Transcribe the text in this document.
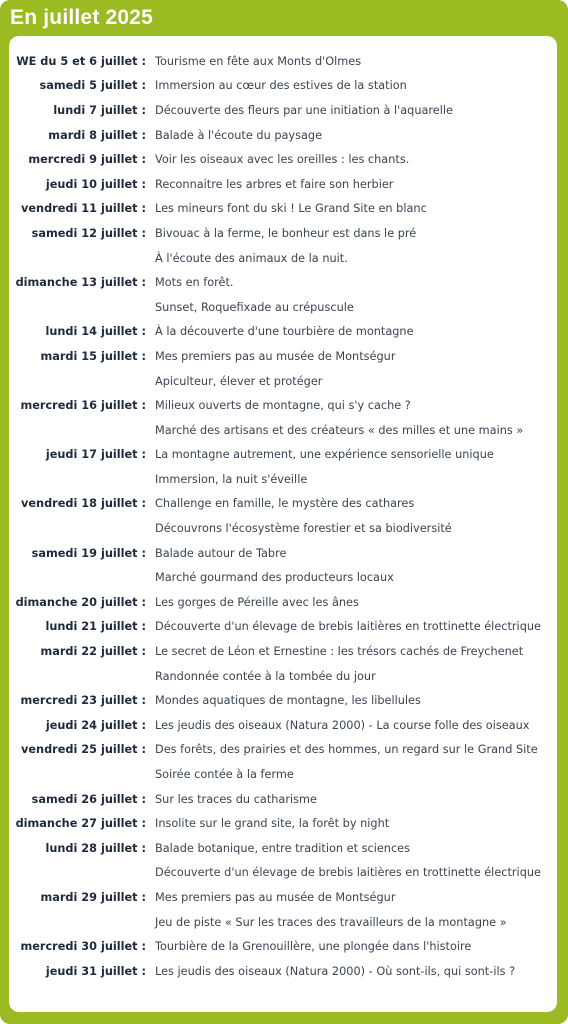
En juillet 2025
WE du 5 et 6 juillet : Tourisme en fête aux Monts d'Olmes
samedi 5 juillet : Immersion au cœur des estives de la station
lundi 7 juillet : Découverte des fleurs par une initiation à l'aquarelle
mardi 8 juillet : Balade à l'écoute du paysage
mercredi 9 juillet : Voir les oiseaux avec les oreilles : les chants.
jeudi 10 juillet : Reconnaitre les arbres et faire son herbier
vendredi 11 juillet : Les mineurs font du ski ! Le Grand Site en blanc
samedi 12 juillet : Bivouac à la ferme, le bonheur est dans le pré
À l'écoute des animaux de la nuit.
dimanche 13 juillet : Mots en forêt.
Sunset, Roquefixade au crépuscule
lundi 14 juillet : À la découverte d'une tourbière de montagne
mardi 15 juillet : Mes premiers pas au musée de Montségur
Apiculteur, élever et protéger
mercredi 16 juillet : Milieux ouverts de montagne, qui s'y cache ?
Marché des artisans et des créateurs « des milles et une mains »
jeudi 17 juillet : La montagne autrement, une expérience sensorielle unique
Immersion, la nuit s'éveille
vendredi 18 juillet : Challenge en famille, le mystère des cathares
Découvrons l'écosystème forestier et sa biodiversité
samedi 19 juillet : Balade autour de Tabre
Marché gourmand des producteurs locaux
dimanche 20 juillet : Les gorges de Péreille avec les ânes
lundi 21 juillet : Découverte d'un élevage de brebis laitières en trottinette électrique
mardi 22 juillet : Le secret de Léon et Ernestine : les trésors cachés de Freychenet
Randonnée contée à la tombée du jour
mercredi 23 juillet : Mondes aquatiques de montagne, les libellules
jeudi 24 juillet : Les jeudis des oiseaux (Natura 2000) - La course folle des oiseaux
vendredi 25 juillet : Des forêts, des prairies et des hommes, un regard sur le Grand Site
Soirée contée à la ferme
samedi 26 juillet : Sur les traces du catharisme
dimanche 27 juillet : Insolite sur le grand site, la forêt by night
lundi 28 juillet : Balade botanique, entre tradition et sciences
Découverte d'un élevage de brebis laitières en trottinette électrique
mardi 29 juillet : Mes premiers pas au musée de Montségur
Jeu de piste « Sur les traces des travailleurs de la montagne »
mercredi 30 juillet : Tourbière de la Grenouillère, une plongée dans l'histoire
jeudi 31 juillet : Les jeudis des oiseaux (Natura 2000) - Où sont-ils, qui sont-ils ?
